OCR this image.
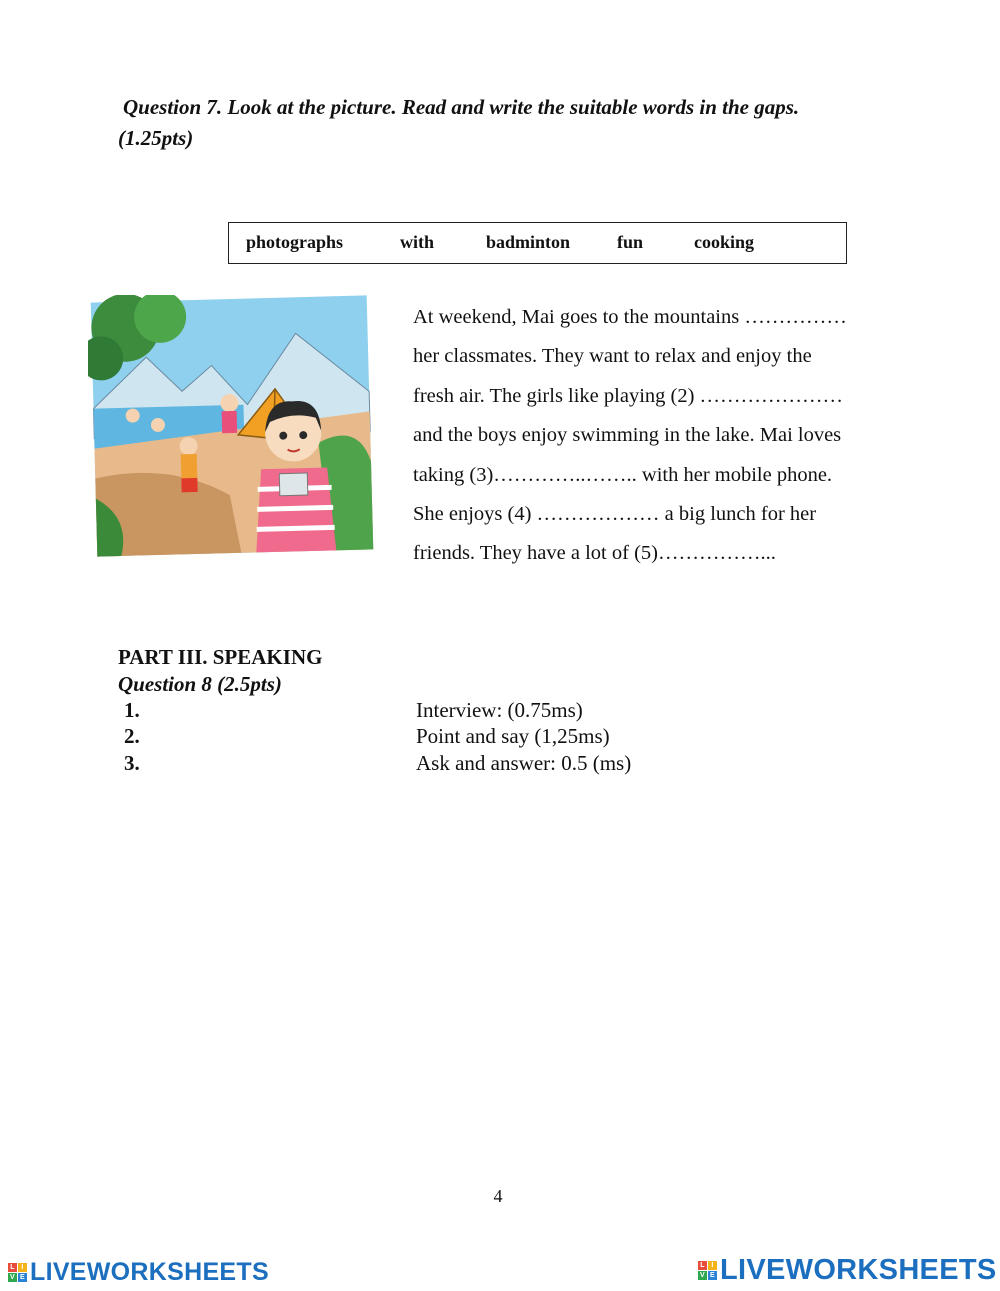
Question 7. Look at the picture. Read and write the suitable words in the gaps.
(1.25pts)
photographs	with	badminton	fun	cooking

At weekend, Mai goes to the mountains ……………

her classmates. They want to relax and enjoy the

fresh air. The girls like playing (2) …………………

and the boys enjoy swimming in the lake. Mai loves

taking (3)…………..…….. with her mobile phone.

She enjoys (4) ……………… a big lunch for her

friends. They have a lot of (5)……………...

PART III. SPEAKING
Question 8 (2.5pts)
1.	Interview: (0.75ms)
2.	Point and say (1,25ms)
3.	Ask and answer: 0.5 (ms)
4
L I
V E LIVEWORKSHEETS	L I
V E LIVEWORKSHEETS
